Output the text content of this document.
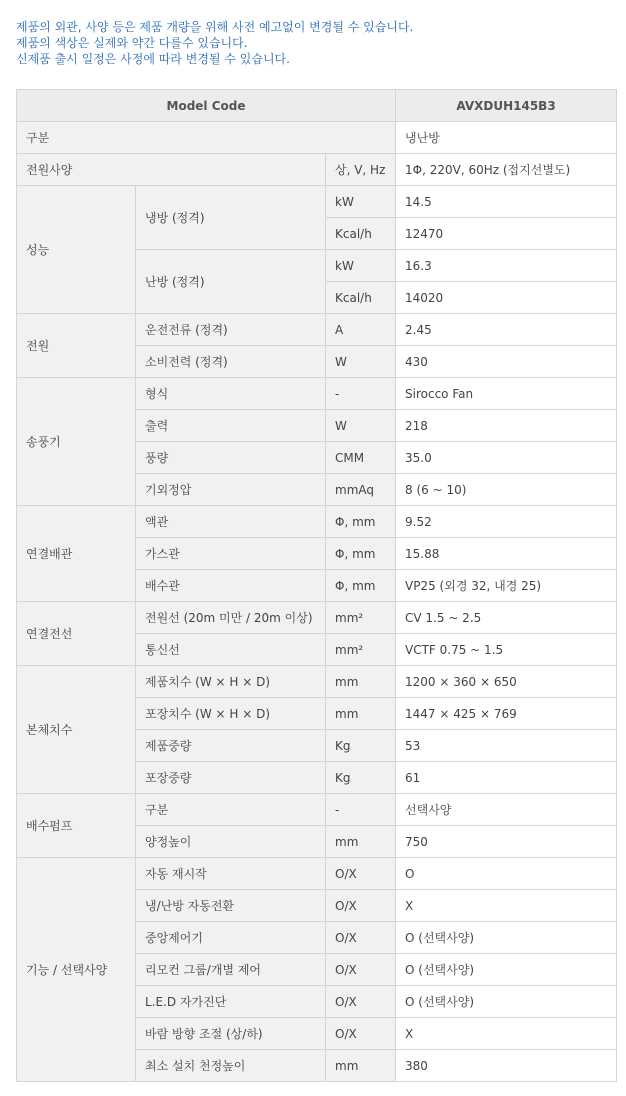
제품의 외관, 사양 등은 제품 개량을 위해 사전 예고없이 변경될 수 있습니다.
제품의 색상은 실제와 약간 다를수 있습니다.
신제품 출시 일정은 사정에 따라 변경될 수 있습니다.
Model Code			AVXDUH145B3
구분			냉난방
전원사양		상, V, Hz	1Φ, 220V, 60Hz (접지선별도)
성능	냉방 (정격)	kW	14.5
		Kcal/h	12470
	난방 (정격)	kW	16.3
		Kcal/h	14020
전원	운전전류 (정격)	A	2.45
	소비전력 (정격)	W	430
송풍기	형식	-	Sirocco Fan
	출력	W	218
	풍량	CMM	35.0
	기외정압	mmAq	8 (6 ~ 10)
연결배관	액관	Φ, mm	9.52
	가스관	Φ, mm	15.88
	배수관	Φ, mm	VP25 (외경 32, 내경 25)
연결전선	전원선 (20m 미만 / 20m 이상)	mm²	CV 1.5 ~ 2.5
	통신선	mm²	VCTF 0.75 ~ 1.5
본체치수	제품치수 (W × H × D)	mm	1200 × 360 × 650
	포장치수 (W × H × D)	mm	1447 × 425 × 769
	제품중량	Kg	53
	포장중량	Kg	61
배수펌프	구분	-	선택사양
	양정높이	mm	750
기능 / 선택사양	자동 재시작	O/X	O
	냉/난방 자동전환	O/X	X
	중앙제어기	O/X	O (선택사양)
	리모컨 그룹/개별 제어	O/X	O (선택사양)
	L.E.D 자가진단	O/X	O (선택사양)
	바람 방향 조절 (상/하)	O/X	X
	최소 설치 천정높이	mm	380
